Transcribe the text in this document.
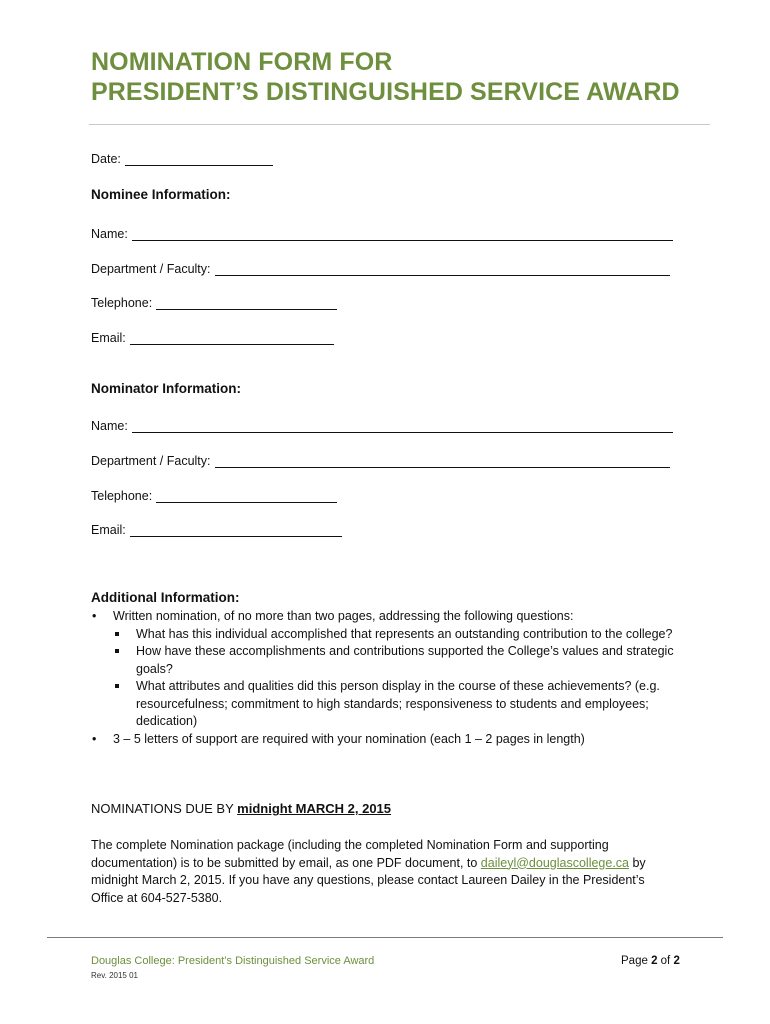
NOMINATION FORM FOR
PRESIDENT’S DISTINGUISHED SERVICE AWARD
Date:
Nominee Information:
Name:
Department / Faculty:
Telephone:
Email:
Nominator Information:
Name:
Department / Faculty:
Telephone:
Email:
Additional Information:
• Written nomination, of no more than two pages, addressing the following questions:
What has this individual accomplished that represents an outstanding contribution to the college?
How have these accomplishments and contributions supported the College’s values and strategic goals?
What attributes and qualities did this person display in the course of these achievements? (e.g. resourcefulness; commitment to high standards; responsiveness to students and employees; dedication)
• 3 – 5 letters of support are required with your nomination (each 1 – 2 pages in length)
NOMINATIONS DUE BY midnight MARCH 2, 2015
The complete Nomination package (including the completed Nomination Form and supporting documentation) is to be submitted by email, as one PDF document, to daileyl@douglascollege.ca by midnight March 2, 2015. If you have any questions, please contact Laureen Dailey in the President’s Office at 604-527-5380.
Douglas College: President’s Distinguished Service Award
Rev. 2015 01
Page 2 of 2
